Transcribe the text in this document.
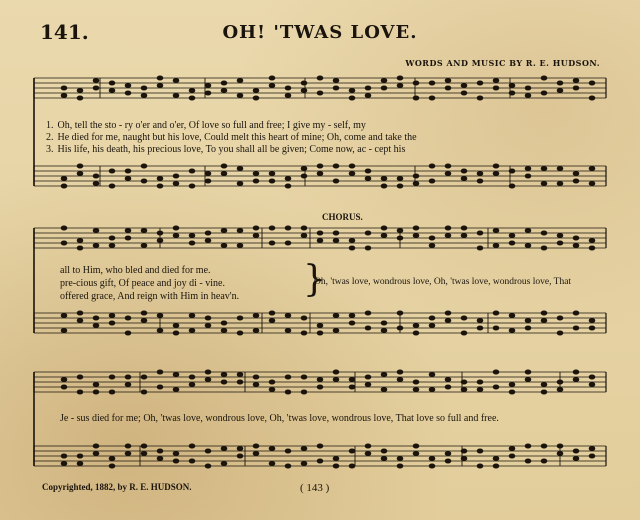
141.	OH! 'TWAS LOVE.
WORDS AND MUSIC BY R. E. HUDSON.
1. Oh, tell the sto - ry o'er and o'er, Of love so full and free; I give my - self, my
2. He died for me, naught but his love, Could melt this heart of mine; Oh, come and take the
3. His life, his death, his precious love, To you shall all be given; Come now, ac - cept his
CHORUS.
all to Him, who bled and died for me.
pre-cious gift, Of peace and joy di - vine.
offered grace, And reign with Him in heav'n. }
Oh, 'twas love, wondrous love, Oh, 'twas love, wondrous love, That
Je - sus died for me; Oh, 'twas love, wondrous love, Oh, 'twas love, wondrous love, That love so full and free.
Copyrighted, 1882, by R. E. HUDSON.	( 143 )
